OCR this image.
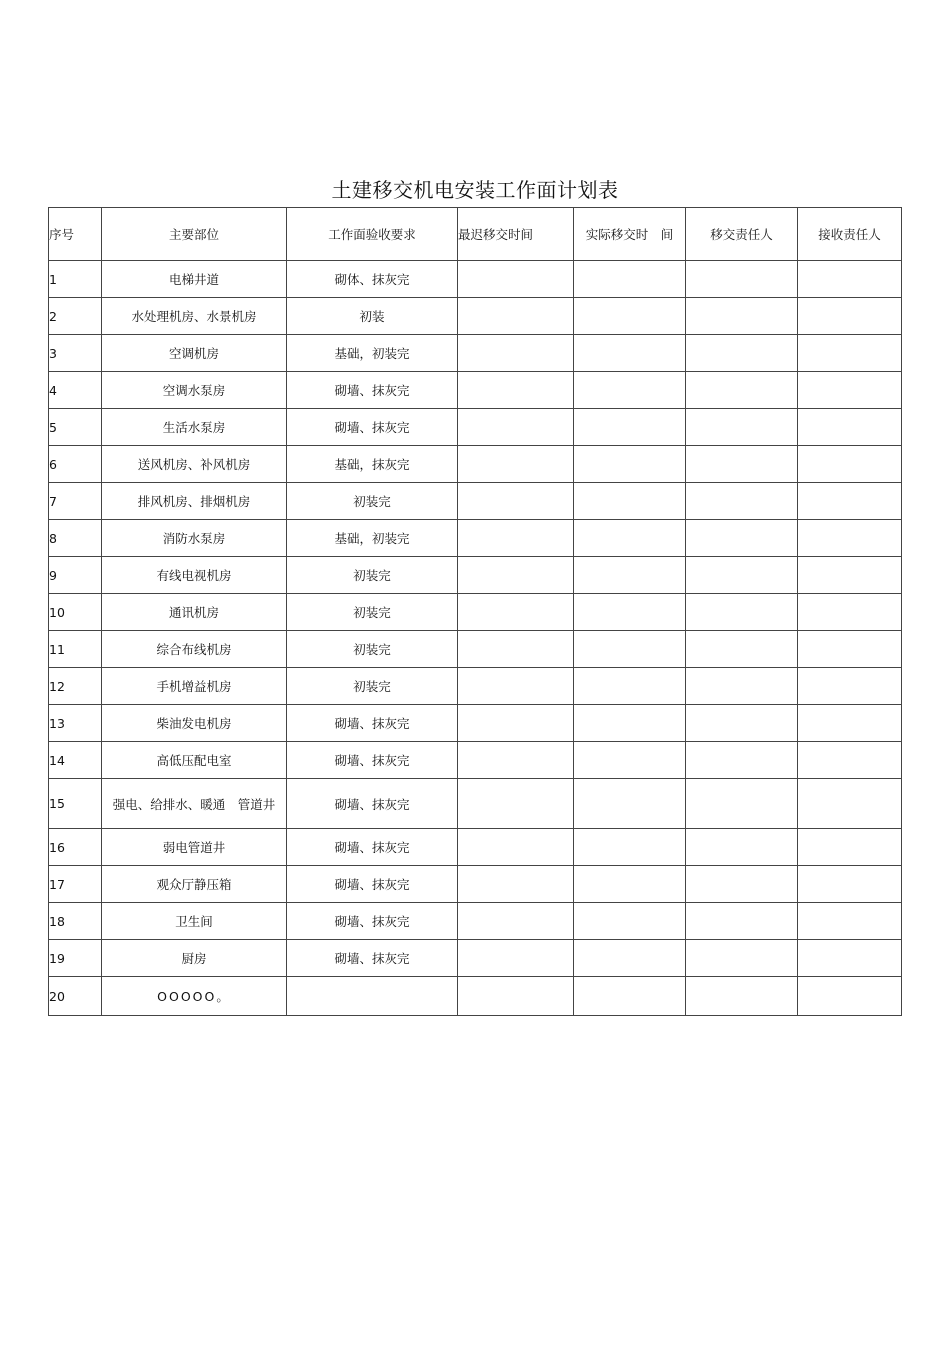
土建移交机电安装工作面计划表
序号	主要部位	工作面验收要求	最迟移交时间	实际移交时　间	移交责任人	接收责任人
1	电梯井道	砌体、抹灰完				
2	水处理机房、水景机房	初装				
3	空调机房	基础，初装完				
4	空调水泵房	砌墙、抹灰完				
5	生活水泵房	砌墙、抹灰完				
6	送风机房、补风机房	基础，抹灰完				
7	排风机房、排烟机房	初装完				
8	消防水泵房	基础，初装完				
9	有线电视机房	初装完				
10	通讯机房	初装完				
11	综合布线机房	初装完				
12	手机增益机房	初装完				
13	柴油发电机房	砌墙、抹灰完				
14	高低压配电室	砌墙、抹灰完				
15	强电、给排水、暖通　管道井	砌墙、抹灰完				
16	弱电管道井	砌墙、抹灰完				
17	观众厅静压箱	砌墙、抹灰完				
18	卫生间	砌墙、抹灰完				
19	厨房	砌墙、抹灰完				
20	OOOOO。					
